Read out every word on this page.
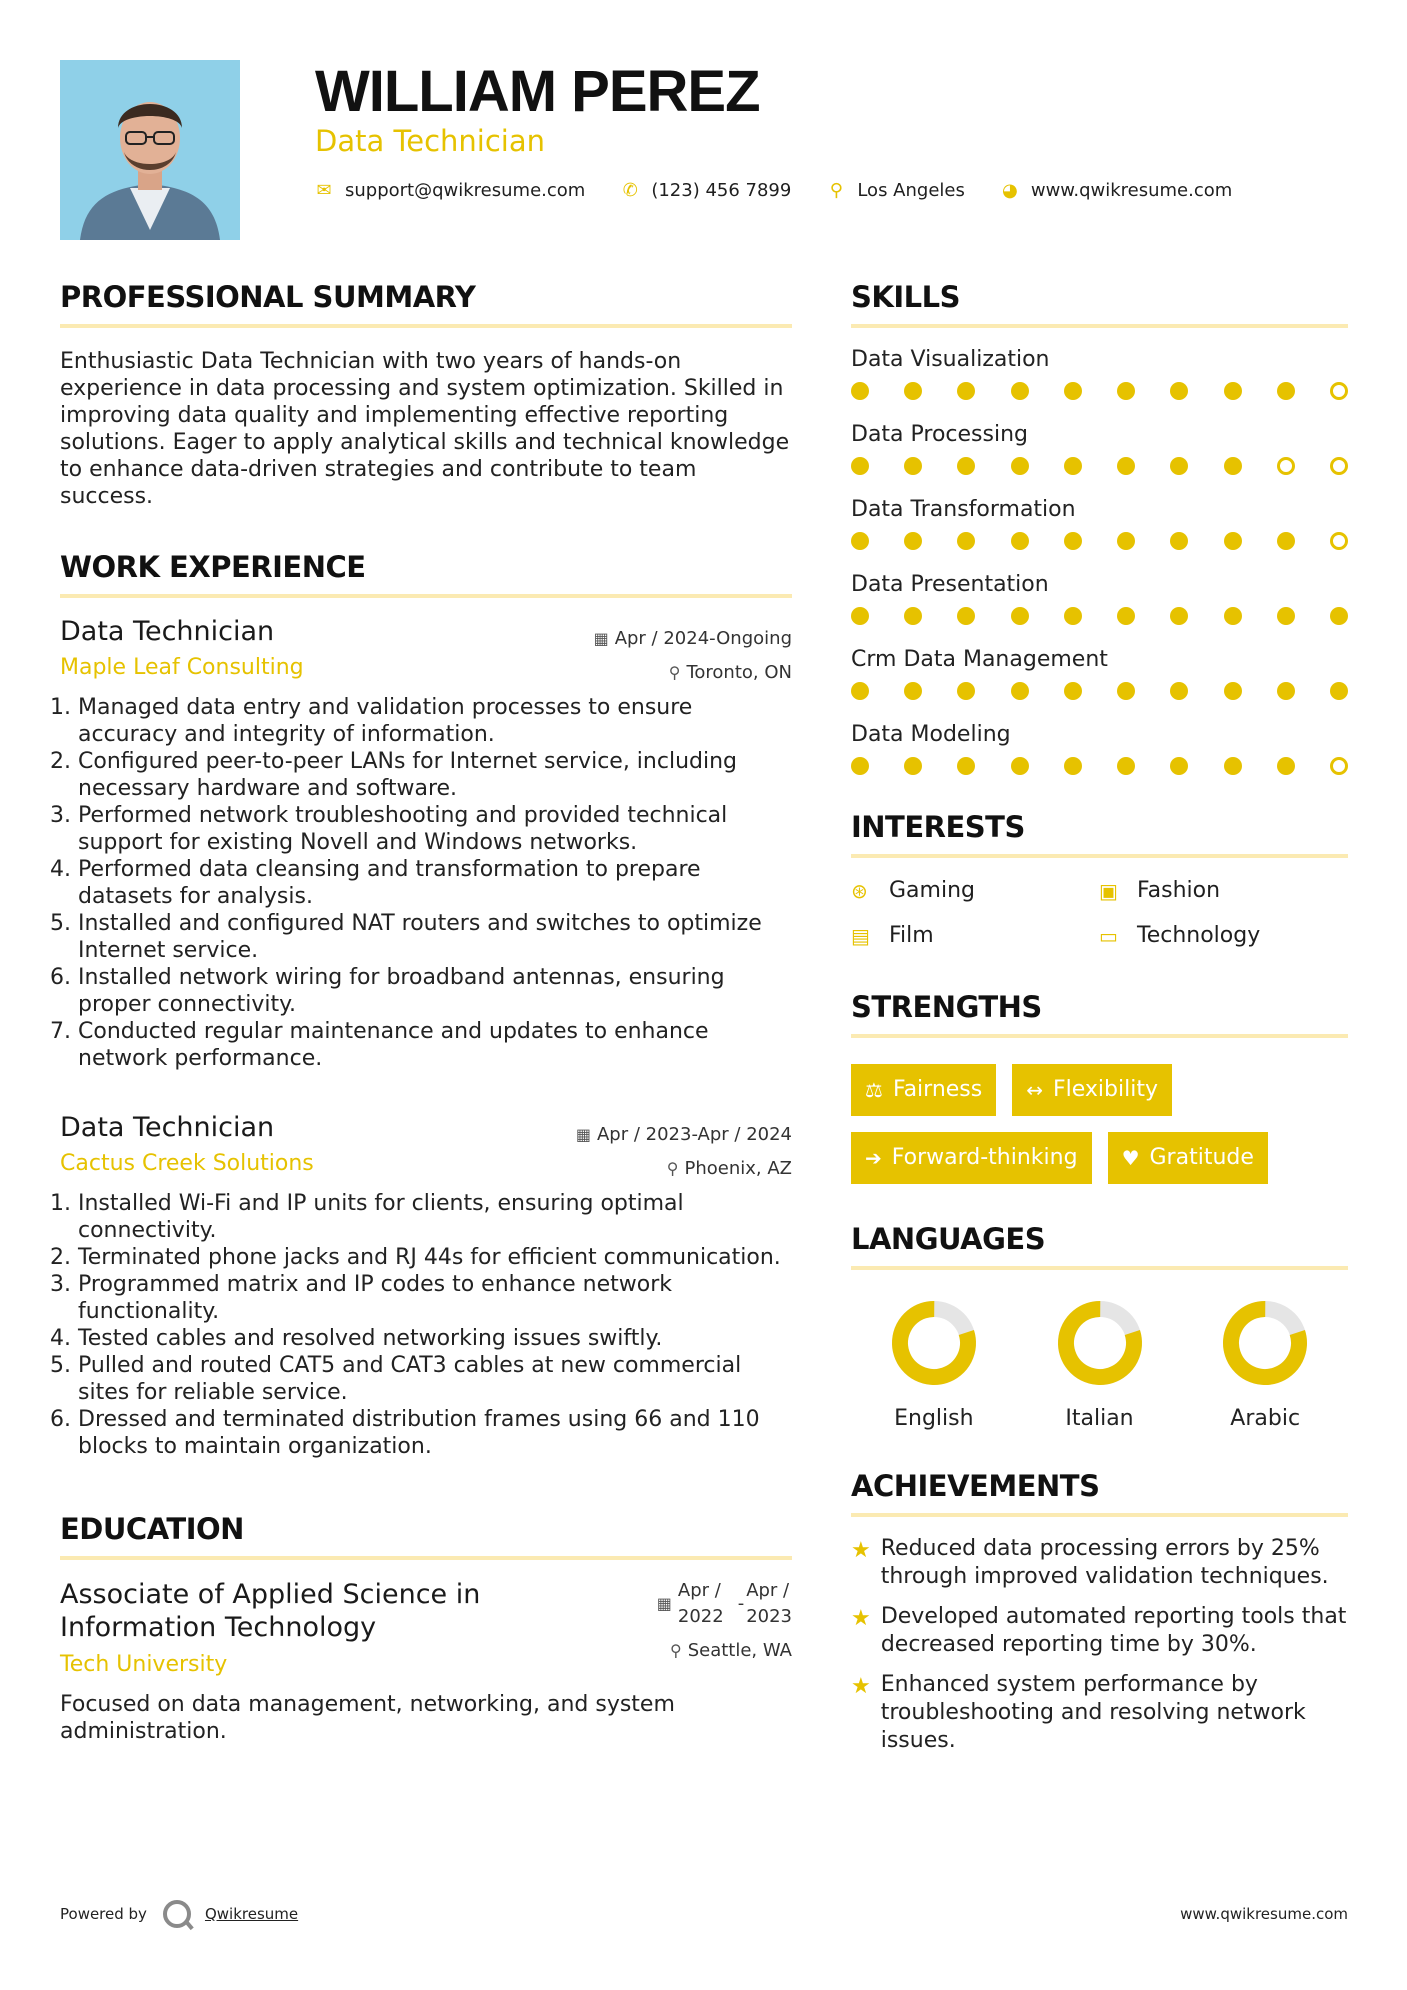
WILLIAM PEREZ
Data Technician
✉ support@qwikresume.com ✆ (123) 456 7899 ⚲ Los Angeles ◕ www.qwikresume.com
PROFESSIONAL SUMMARY

Enthusiastic Data Technician with two years of hands-on experience in data processing and system optimization. Skilled in improving data quality and implementing effective reporting solutions. Eager to apply analytical skills and technical knowledge to enhance data-driven strategies and contribute to team success.

WORK EXPERIENCE
Data Technician
Maple Leaf Consulting
▦ Apr / 2024-Ongoing
⚲ Toronto, ON
1. Managed data entry and validation processes to ensure accuracy and integrity of information.
2. Configured peer-to-peer LANs for Internet service, including necessary hardware and software.
3. Performed network troubleshooting and provided technical support for existing Novell and Windows networks.
4. Performed data cleansing and transformation to prepare datasets for analysis.
5. Installed and configured NAT routers and switches to optimize Internet service.
6. Installed network wiring for broadband antennas, ensuring proper connectivity.
7. Conducted regular maintenance and updates to enhance network performance.
Data Technician
Cactus Creek Solutions
▦ Apr / 2023-Apr / 2024
⚲ Phoenix, AZ
1. Installed Wi-Fi and IP units for clients, ensuring optimal connectivity.
2. Terminated phone jacks and RJ 44s for efficient communication.
3. Programmed matrix and IP codes to enhance network functionality.
4. Tested cables and resolved networking issues swiftly.
5. Pulled and routed CAT5 and CAT3 cables at new commercial sites for reliable service.
6. Dressed and terminated distribution frames using 66 and 110 blocks to maintain organization.
EDUCATION
Associate of Applied Science in
Information Technology
Tech University
▦
Apr /
2022
-
Apr /
2023
⚲ Seattle, WA

Focused on data management, networking, and system administration.

SKILLS
Data Visualization
Data Processing
Data Transformation
Data Presentation
Crm Data Management
Data Modeling
INTERESTS
⊛ Gaming	▣ Fashion
▤ Film	▭ Technology
STRENGTHS
⚖ Fairness ↔ Flexibility
➔ Forward-thinking ♥ Gratitude
LANGUAGES
English	Italian	Arabic
ACHIEVEMENTS
★ Reduced data processing errors by 25% through improved validation techniques.
★ Developed automated reporting tools that decreased reporting time by 30%.
★ Enhanced system performance by troubleshooting and resolving network issues.
Powered by	Qwikresume	www.qwikresume.com
